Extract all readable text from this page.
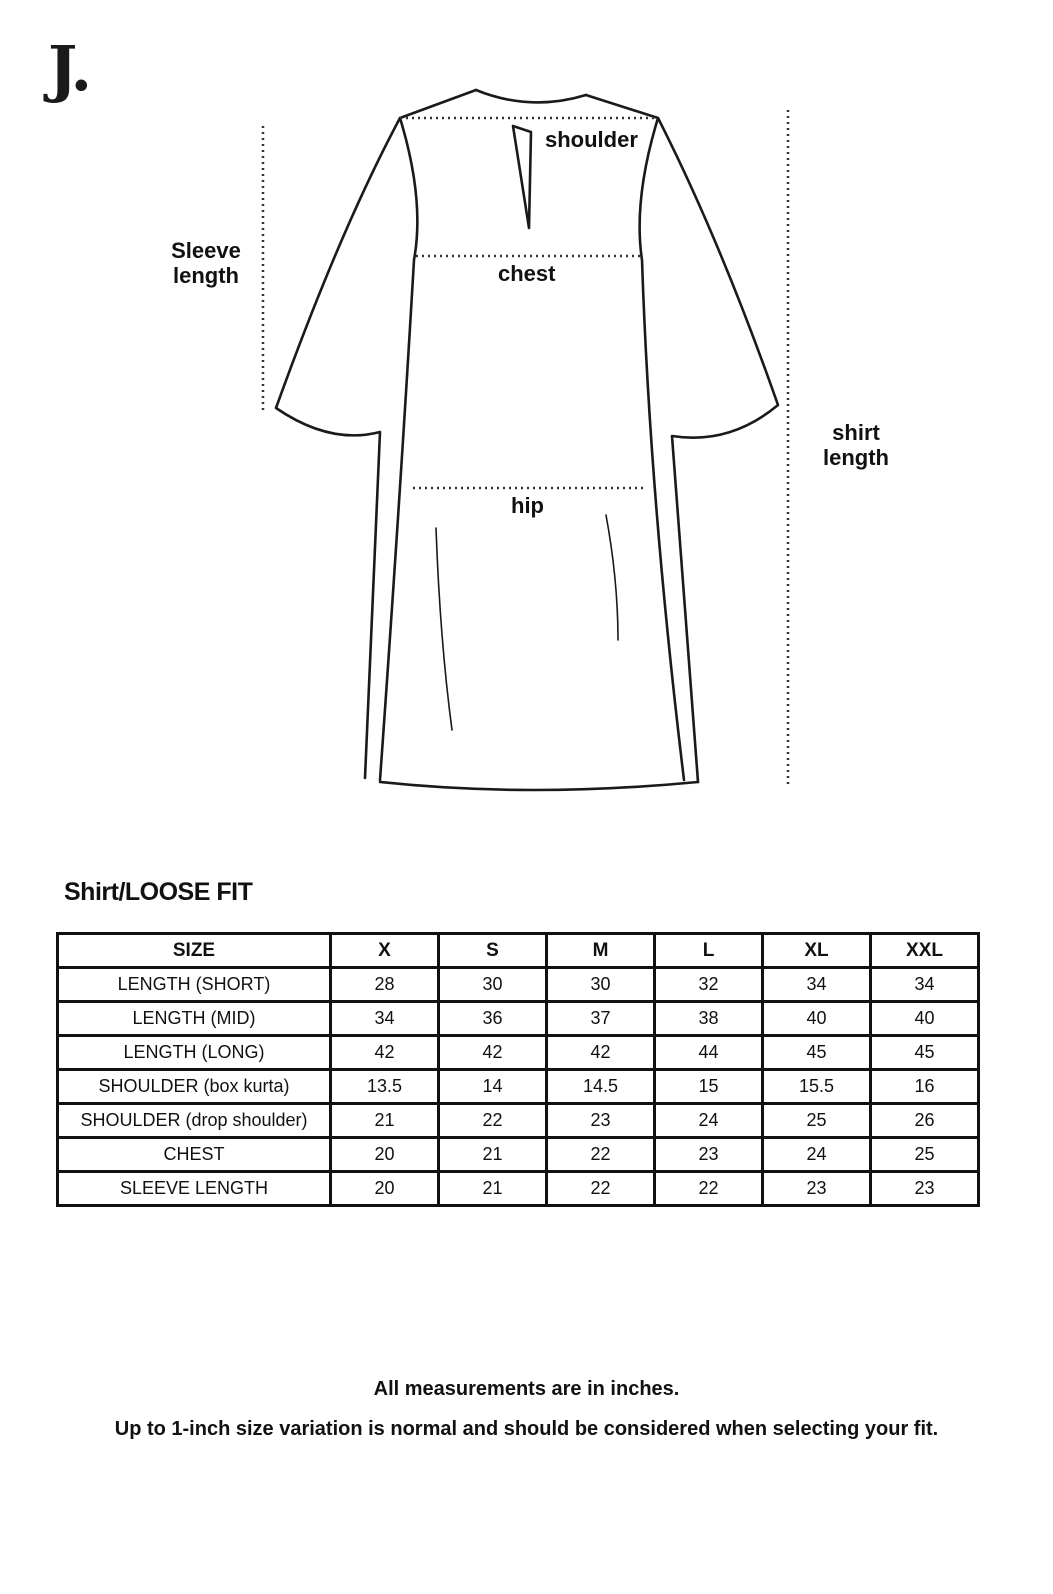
J.
Sleeve
length
shoulder
chest
hip
shirt
length
Shirt/LOOSE FIT
SIZE	X	S	M	L	XL	XXL
LENGTH (SHORT)	28	30	30	32	34	34
LENGTH (MID)	34	36	37	38	40	40
LENGTH (LONG)	42	42	42	44	45	45
SHOULDER (box kurta)	13.5	14	14.5	15	15.5	16
SHOULDER (drop shoulder)	21	22	23	24	25	26
CHEST	20	21	22	23	24	25
SLEEVE LENGTH	20	21	22	22	23	23
All measurements are in inches.
Up to 1-inch size variation is normal and should be considered when selecting your fit.
